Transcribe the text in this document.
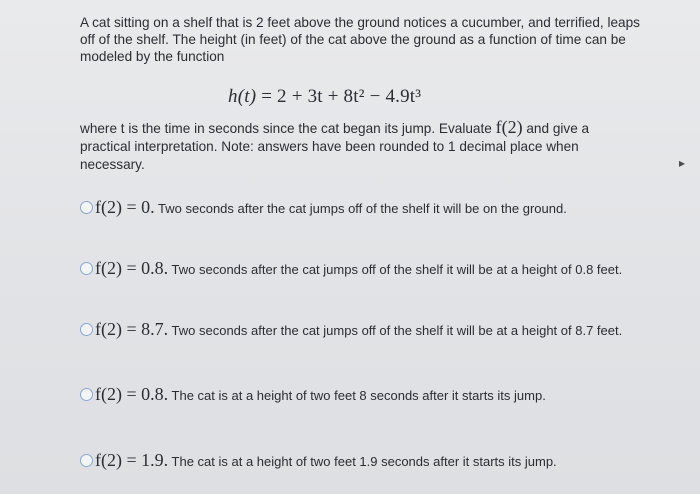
A cat sitting on a shelf that is 2 feet above the ground notices a cucumber, and terrified, leaps off of the shelf. The height (in feet) of the cat above the ground as a function of time can be modeled by the function
h(t) = 2 + 3t + 8t² − 4.9t³
where t is the time in seconds since the cat began its jump. Evaluate f(2) and give a practical interpretation. Note: answers have been rounded to 1 decimal place when necessary.
f(2) = 0. Two seconds after the cat jumps off of the shelf it will be on the ground.
f(2) = 0.8. Two seconds after the cat jumps off of the shelf it will be at a height of 0.8 feet.
f(2) = 8.7. Two seconds after the cat jumps off of the shelf it will be at a height of 8.7 feet.
f(2) = 0.8. The cat is at a height of two feet 8 seconds after it starts its jump.
f(2) = 1.9. The cat is at a height of two feet 1.9 seconds after it starts its jump.
▸
